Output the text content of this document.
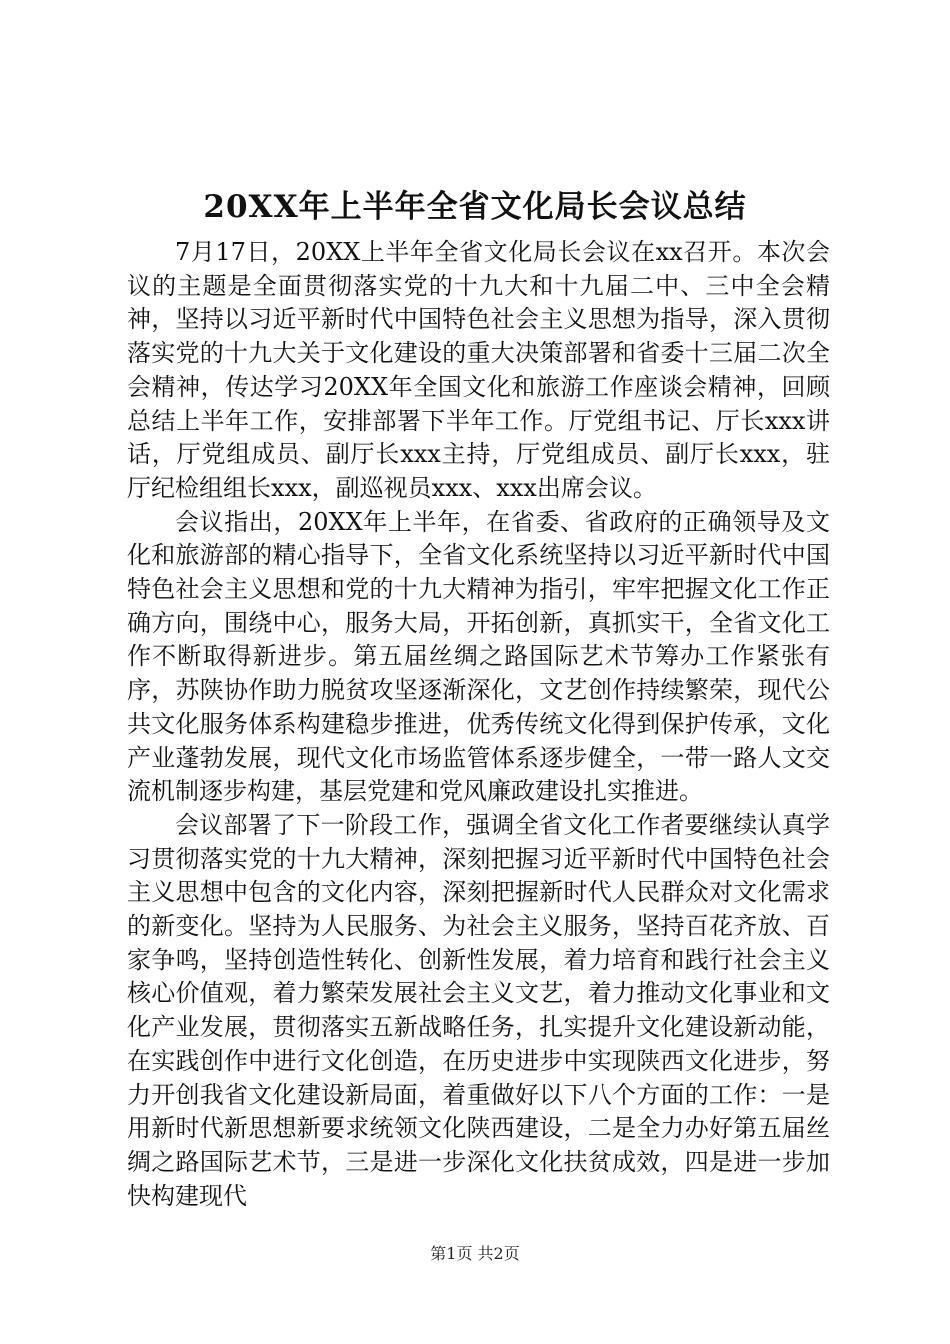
20XX年上半年全省文化局长会议总结

7月17日，20XX上半年全省文化局长会议在xx召开。本次会议的主题是全面贯彻落实党的十九大和十九届二中、三中全会精神，坚持以习近平新时代中国特色社会主义思想为指导，深入贯彻落实党的十九大关于文化建设的重大决策部署和省委十三届二次全会精神，传达学习20XX年全国文化和旅游工作座谈会精神，回顾总结上半年工作，安排部署下半年工作。厅党组书记、厅长xxx讲话，厅党组成员、副厅长xxx主持，厅党组成员、副厅长xxx，驻厅纪检组组长xxx，副巡视员xxx、xxx出席会议。

会议指出，20XX年上半年，在省委、省政府的正确领导及文化和旅游部的精心指导下，全省文化系统坚持以习近平新时代中国特色社会主义思想和党的十九大精神为指引，牢牢把握文化工作正确方向，围绕中心，服务大局，开拓创新，真抓实干，全省文化工作不断取得新进步。第五届丝绸之路国际艺术节筹办工作紧张有序，苏陕协作助力脱贫攻坚逐渐深化，文艺创作持续繁荣，现代公共文化服务体系构建稳步推进，优秀传统文化得到保护传承，文化产业蓬勃发展，现代文化市场监管体系逐步健全，一带一路人文交流机制逐步构建，基层党建和党风廉政建设扎实推进。

会议部署了下一阶段工作，强调全省文化工作者要继续认真学习贯彻落实党的十九大精神，深刻把握习近平新时代中国特色社会主义思想中包含的文化内容，深刻把握新时代人民群众对文化需求的新变化。坚持为人民服务、为社会主义服务，坚持百花齐放、百家争鸣，坚持创造性转化、创新性发展，着力培育和践行社会主义核心价值观，着力繁荣发展社会主义文艺，着力推动文化事业和文化产业发展，贯彻落实五新战略任务，扎实提升文化建设新动能，在实践创作中进行文化创造，在历史进步中实现陕西文化进步，努力开创我省文化建设新局面，着重做好以下八个方面的工作：一是用新时代新思想新要求统领文化陕西建设，二是全力办好第五届丝绸之路国际艺术节，三是进一步深化文化扶贫成效，四是进一步加快构建现代

第1页 共2页
